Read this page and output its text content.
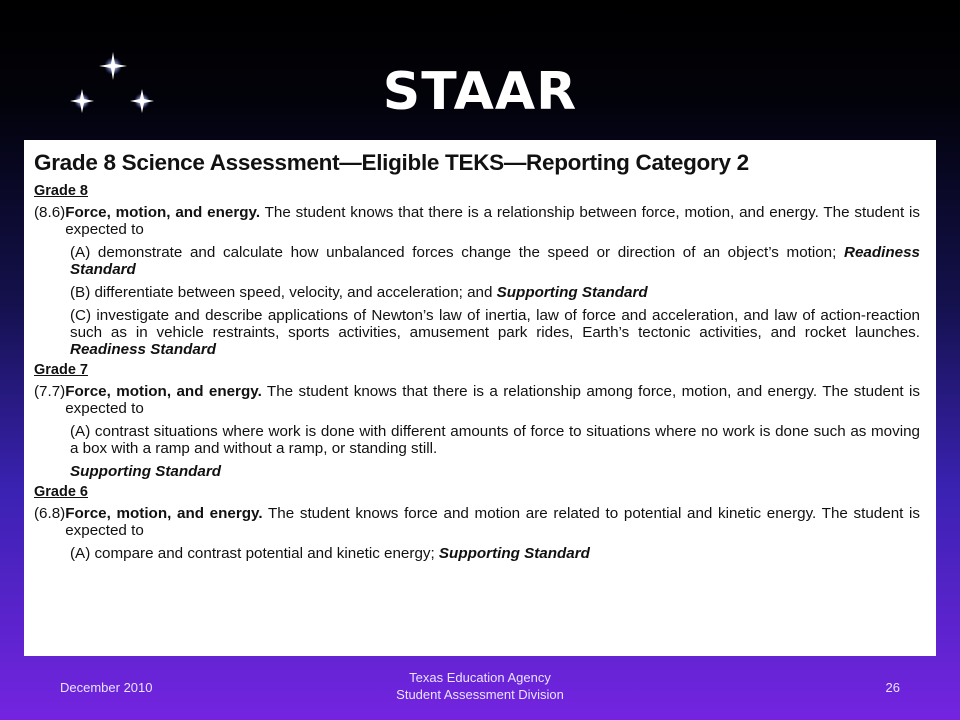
STAAR
Grade 8 Science Assessment—Eligible TEKS—Reporting Category 2
Grade 8
(8.6) Force, motion, and energy. The student knows that there is a relationship between force, motion, and energy. The student is expected to
(A) demonstrate and calculate how unbalanced forces change the speed or direction of an object’s motion; Readiness Standard
(B) differentiate between speed, velocity, and acceleration; and Supporting Standard
(C) investigate and describe applications of Newton’s law of inertia, law of force and acceleration, and law of action-reaction such as in vehicle restraints, sports activities, amusement park rides, Earth’s tectonic activities, and rocket launches. Readiness Standard
Grade 7
(7.7) Force, motion, and energy. The student knows that there is a relationship among force, motion, and energy. The student is expected to
(A) contrast situations where work is done with different amounts of force to situations where no work is done such as moving a box with a ramp and without a ramp, or standing still.
Supporting Standard
Grade 6
(6.8) Force, motion, and energy. The student knows force and motion are related to potential and kinetic energy. The student is expected to
(A) compare and contrast potential and kinetic energy; Supporting Standard
December 2010
Texas Education Agency
Student Assessment Division	26
